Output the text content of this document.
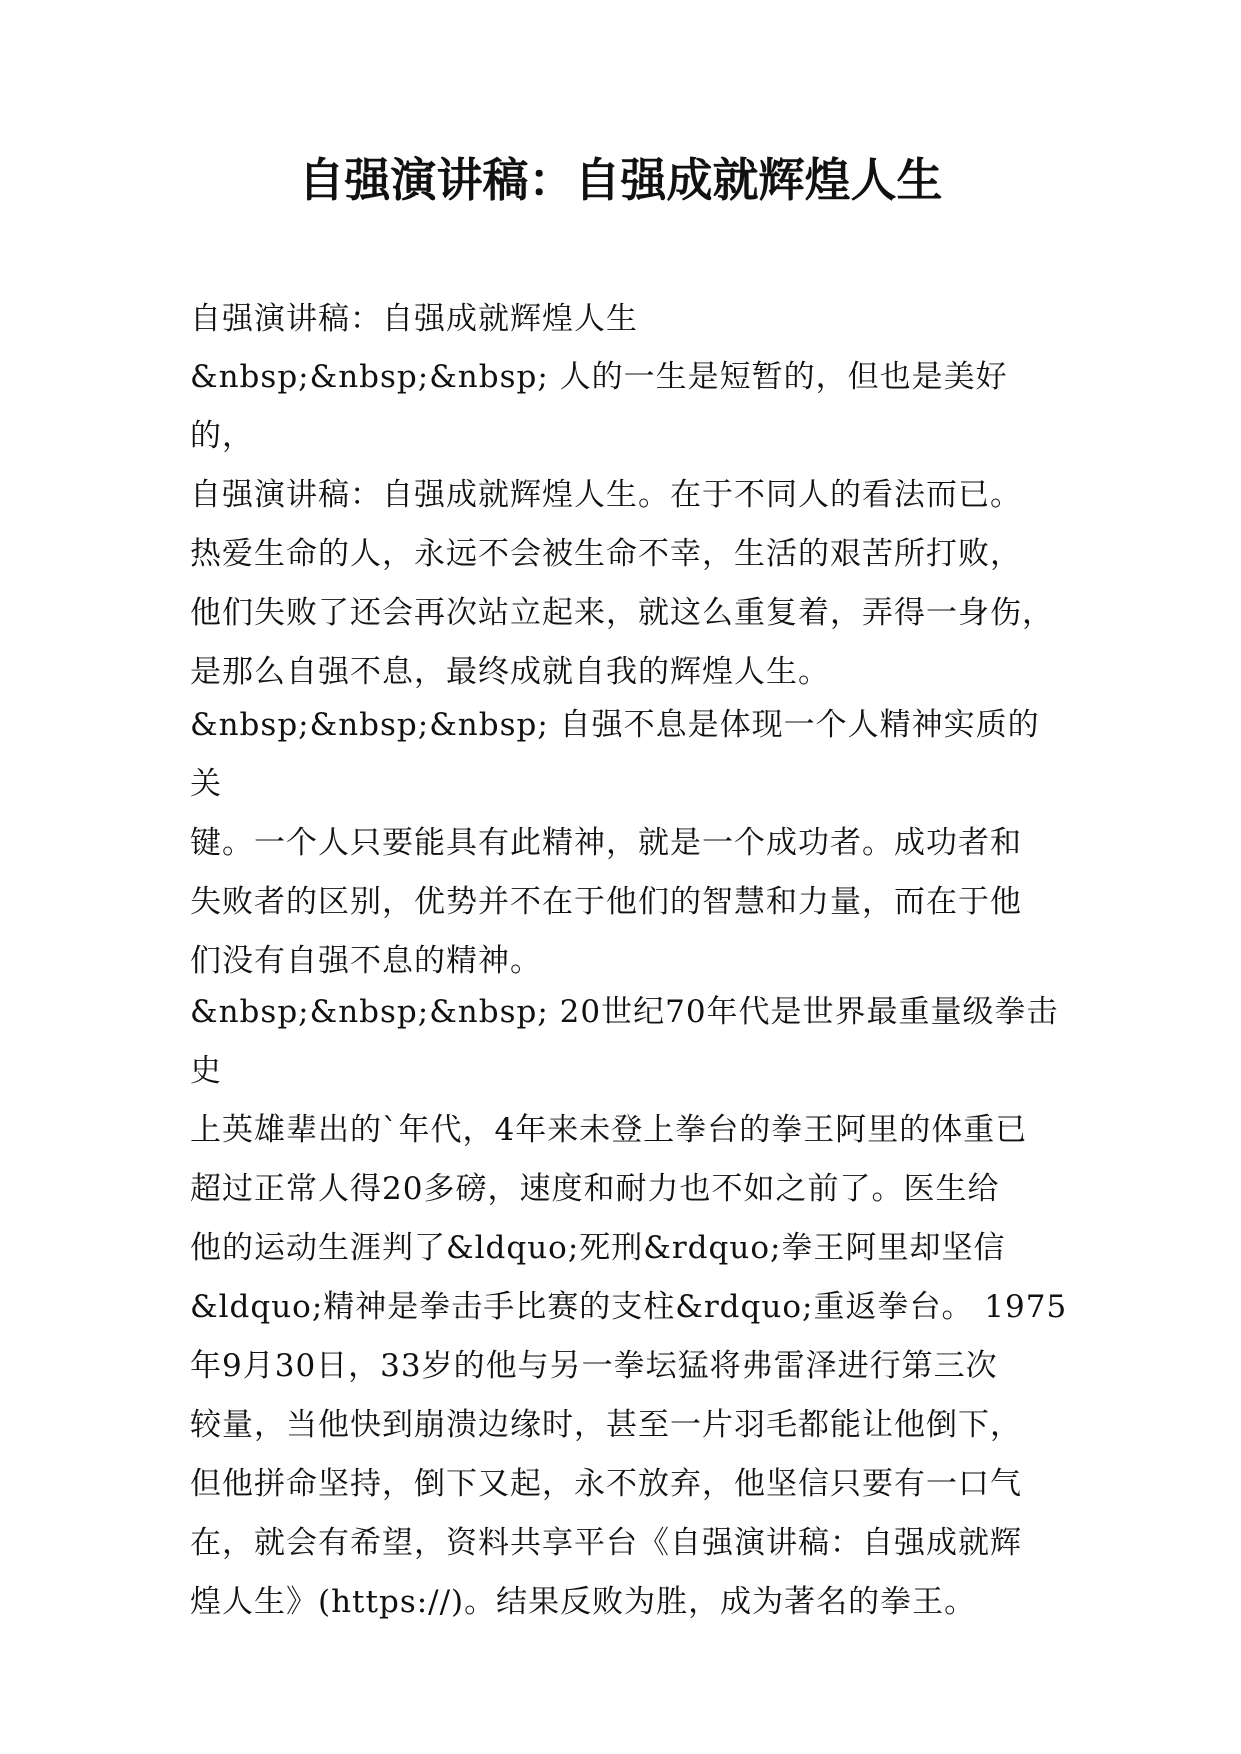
自强演讲稿：自强成就辉煌人生

自强演讲稿：自强成就辉煌人生

&nbsp;&nbsp;&nbsp; 人的一生是短暂的，但也是美好的，
自强演讲稿：自强成就辉煌人生。在于不同人的看法而已。
热爱生命的人，永远不会被生命不幸，生活的艰苦所打败，
他们失败了还会再次站立起来，就这么重复着，弄得一身伤，
是那么自强不息，最终成就自我的辉煌人生。

&nbsp;&nbsp;&nbsp; 自强不息是体现一个人精神实质的关
键。一个人只要能具有此精神，就是一个成功者。成功者和
失败者的区别，优势并不在于他们的智慧和力量，而在于他
们没有自强不息的精神。

&nbsp;&nbsp;&nbsp; 20世纪70年代是世界最重量级拳击史
上英雄辈出的`年代，4年来未登上拳台的拳王阿里的体重已
超过正常人得20多磅，速度和耐力也不如之前了。医生给
他的运动生涯判了&ldquo;死刑&rdquo;拳王阿里却坚信
&ldquo;精神是拳击手比赛的支柱&rdquo;重返拳台。 1975
年9月30日，33岁的他与另一拳坛猛将弗雷泽进行第三次
较量，当他快到崩溃边缘时，甚至一片羽毛都能让他倒下，
但他拼命坚持，倒下又起，永不放弃，他坚信只要有一口气
在，就会有希望，资料共享平台《自强演讲稿：自强成就辉
煌人生》(https://)。结果反败为胜，成为著名的拳王。
